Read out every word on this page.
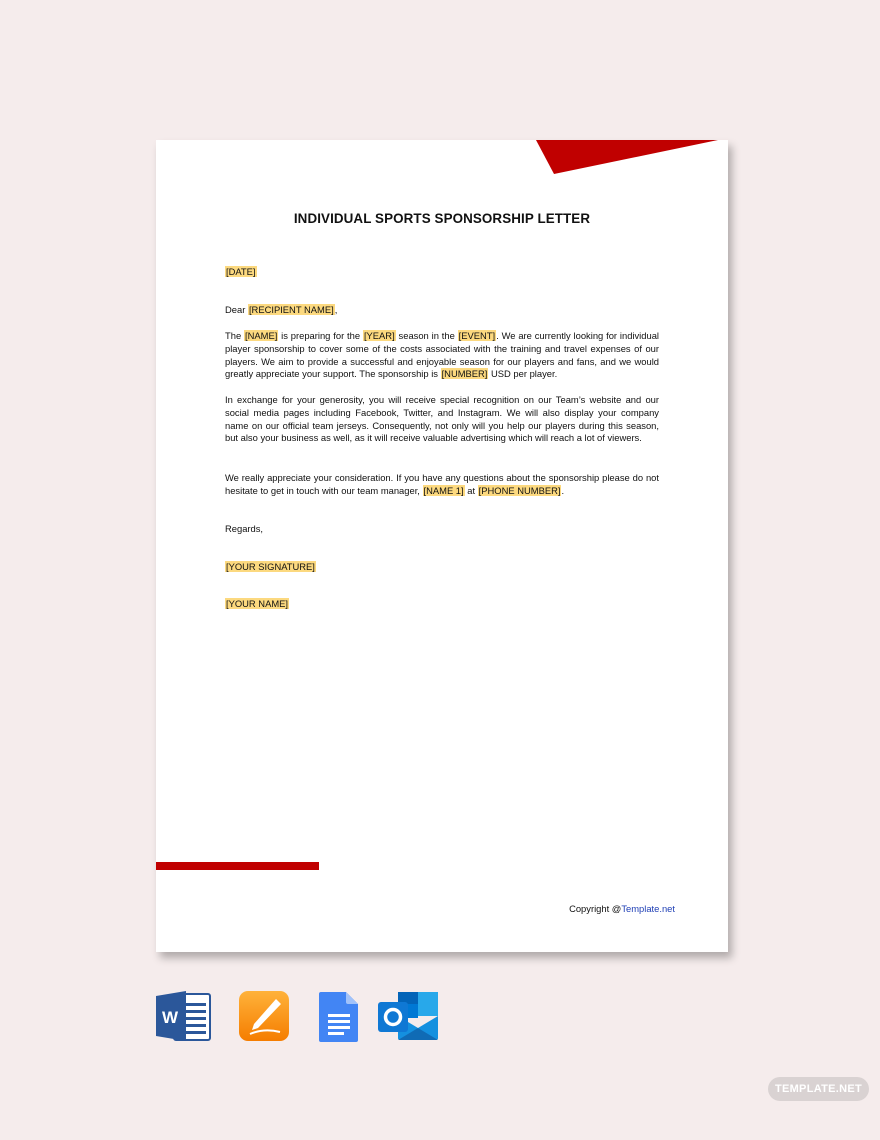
INDIVIDUAL SPORTS SPONSORSHIP LETTER
[DATE]
Dear [RECIPIENT NAME],
The [NAME] is preparing for the [YEAR] season in the [EVENT]. We are currently looking for individual player sponsorship to cover some of the costs associated with the training and travel expenses of our players. We aim to provide a successful and enjoyable season for our players and fans, and we would greatly appreciate your support. The sponsorship is [NUMBER] USD per player.
In exchange for your generosity, you will receive special recognition on our Team’s website and our social media pages including Facebook, Twitter, and Instagram. We will also display your company name on our official team jerseys. Consequently, not only will you help our players during this season, but also your business as well, as it will receive valuable advertising which will reach a lot of viewers.
We really appreciate your consideration. If you have any questions about the sponsorship please do not hesitate to get in touch with our team manager, [NAME 1] at [PHONE NUMBER].
Regards,
[YOUR SIGNATURE]
[YOUR NAME]
Copyright @Template.net
W
TEMPLATE.NET
